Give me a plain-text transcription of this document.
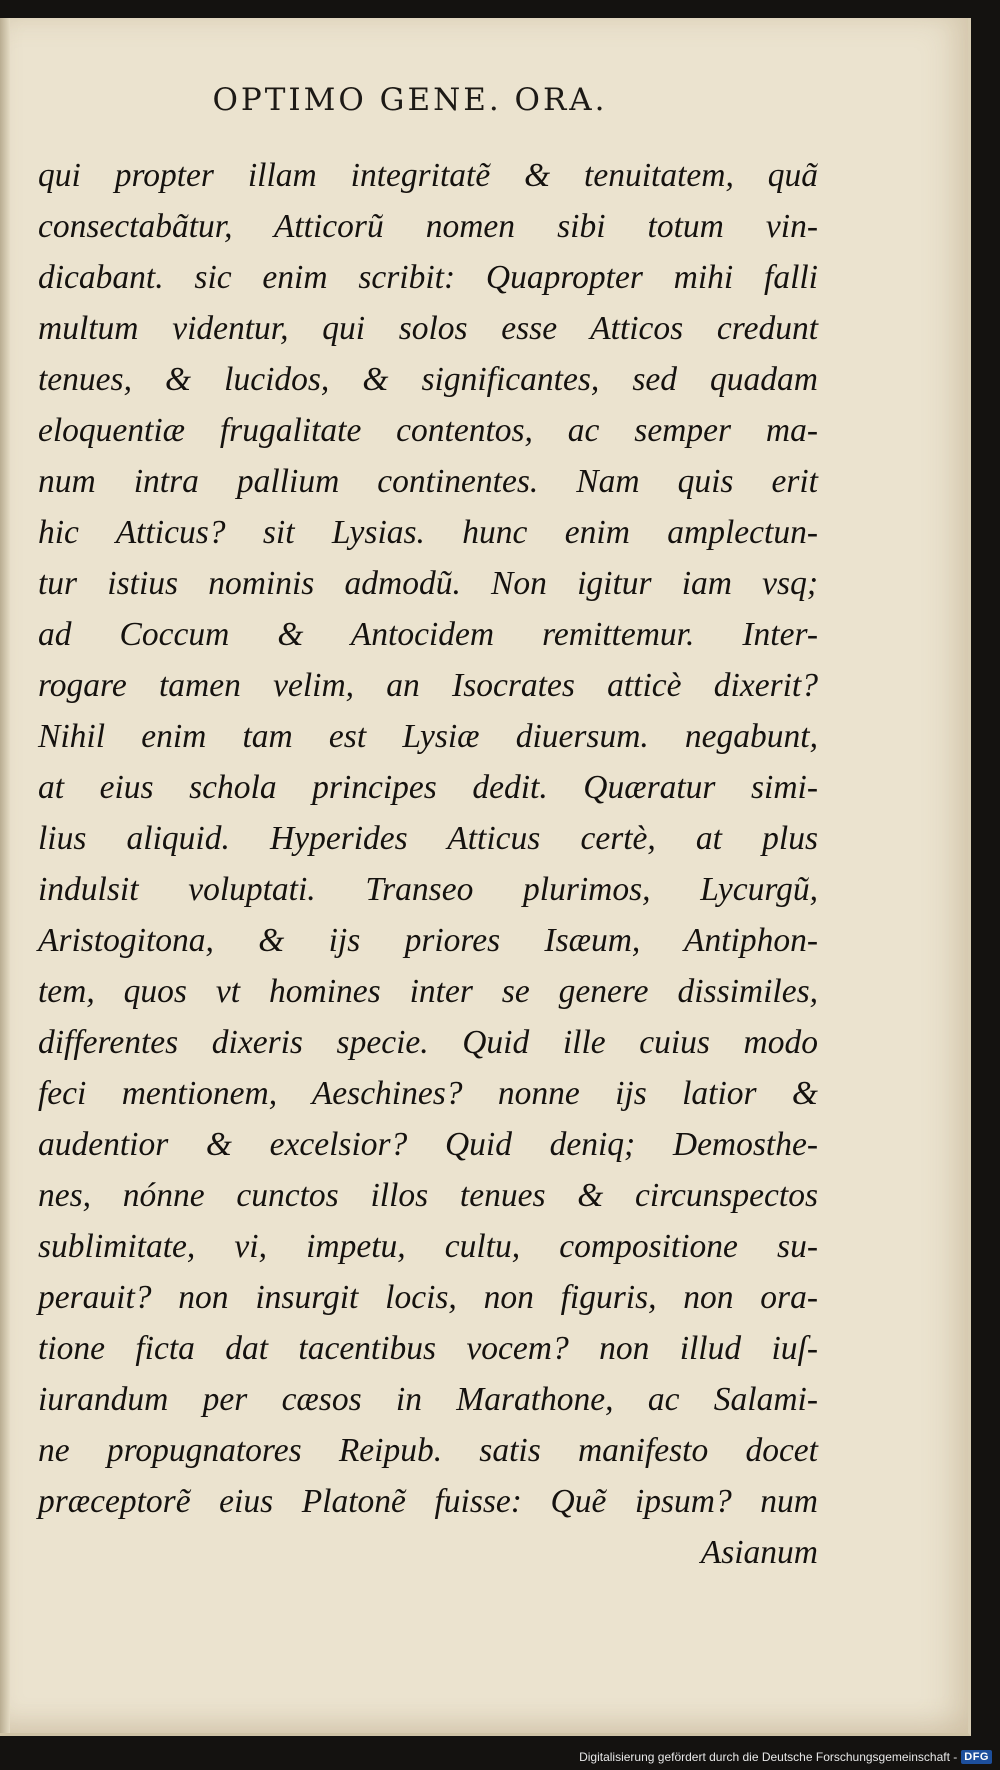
OPTIMO GENE. ORA.
qui propter illam integritatẽ & tenuitatem, quã
consectabãtur, Atticorũ nomen sibi totum vin-
dicabant. sic enim scribit: Quapropter mihi falli
multum videntur, qui solos esse Atticos credunt
tenues, & lucidos, & significantes, sed quadam
eloquentiæ frugalitate contentos, ac semper ma-
num intra pallium continentes. Nam quis erit
hic Atticus? sit Lysias. hunc enim amplectun-
tur istius nominis admodũ. Non igitur iam vsq;
ad Coccum & Antocidem remittemur. Inter-
rogare tamen velim, an Isocrates atticè dixerit?
Nihil enim tam est Lysiæ diuersum. negabunt,
at eius schola principes dedit. Quæratur simi-
lius aliquid. Hyperides Atticus certè, at plus
indulsit voluptati. Transeo plurimos, Lycurgũ,
Aristogitona, & ijs priores Isæum, Antiphon-
tem, quos vt homines inter se genere dissimiles,
differentes dixeris specie. Quid ille cuius modo
feci mentionem, Aeschines? nonne ijs latior &
audentior & excelsior? Quid deniq; Demosthe-
nes, nónne cunctos illos tenues & circunspectos
sublimitate, vi, impetu, cultu, compositione su-
perauit? non insurgit locis, non figuris, non ora-
tione ficta dat tacentibus vocem? non illud iuſ-
iurandum per cæsos in Marathone, ac Salami-
ne propugnatores Reipub. satis manifesto docet
præceptorẽ eius Platonẽ fuisse: Quẽ ipsum? num
Asianum
Digitalisierung gefördert durch die Deutsche Forschungsgemeinschaft - DFG
